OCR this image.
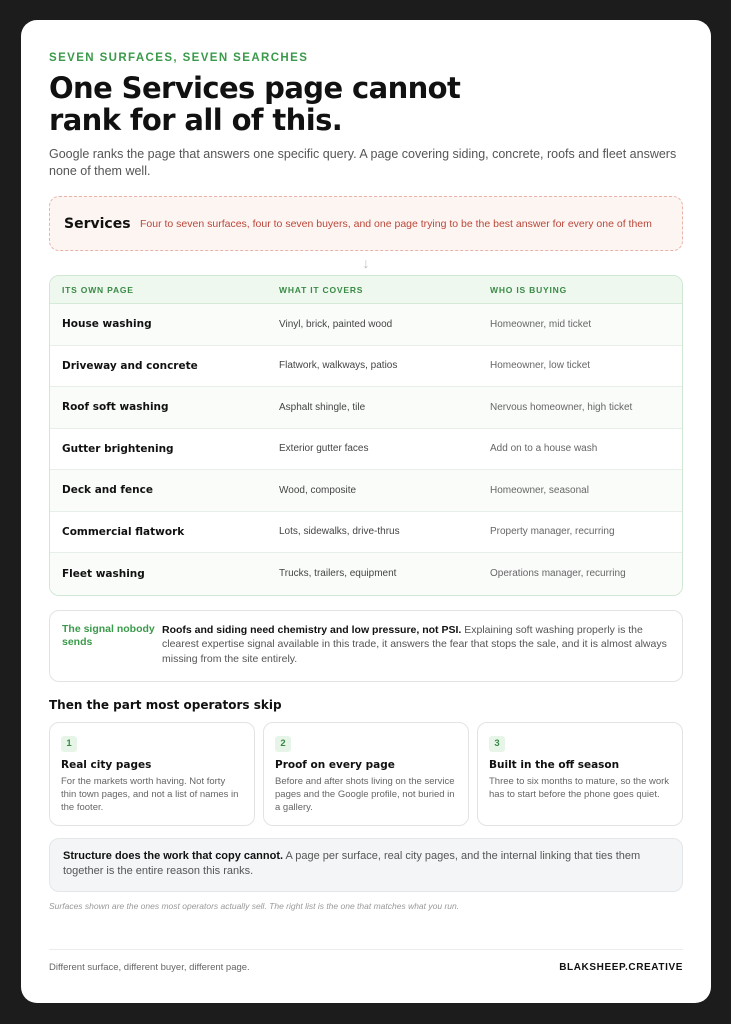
SEVEN SURFACES, SEVEN SEARCHES
One Services page cannot rank for all of this.

Google ranks the page that answers one specific query. A page covering siding, concrete, roofs and fleet answers none of them well.

Services Four to seven surfaces, four to seven buyers, and one page trying to be the best answer for every one of them
↓
ITS OWN PAGE	WHAT IT COVERS	WHO IS BUYING
House washing	Vinyl, brick, painted wood	Homeowner, mid ticket
Driveway and concrete	Flatwork, walkways, patios	Homeowner, low ticket
Roof soft washing	Asphalt shingle, tile	Nervous homeowner, high ticket
Gutter brightening	Exterior gutter faces	Add on to a house wash
Deck and fence	Wood, composite	Homeowner, seasonal
Commercial flatwork	Lots, sidewalks, drive-thrus	Property manager, recurring
Fleet washing	Trucks, trailers, equipment	Operations manager, recurring
The signal nobody sends
Roofs and siding need chemistry and low pressure, not PSI. Explaining soft washing properly is the clearest expertise signal available in this trade, it answers the fear that stops the sale, and it is almost always missing from the site entirely.
Then the part most operators skip
1
Real city pages
For the markets worth having. Not forty thin town pages, and not a list of names in the footer.
2
Proof on every page
Before and after shots living on the service pages and the Google profile, not buried in a gallery.
3
Built in the off season
Three to six months to mature, so the work has to start before the phone goes quiet.
Structure does the work that copy cannot. A page per surface, real city pages, and the internal linking that ties them together is the entire reason this ranks.
Surfaces shown are the ones most operators actually sell. The right list is the one that matches what you run.
Different surface, different buyer, different page.	BLAKSHEEP.CREATIVE
